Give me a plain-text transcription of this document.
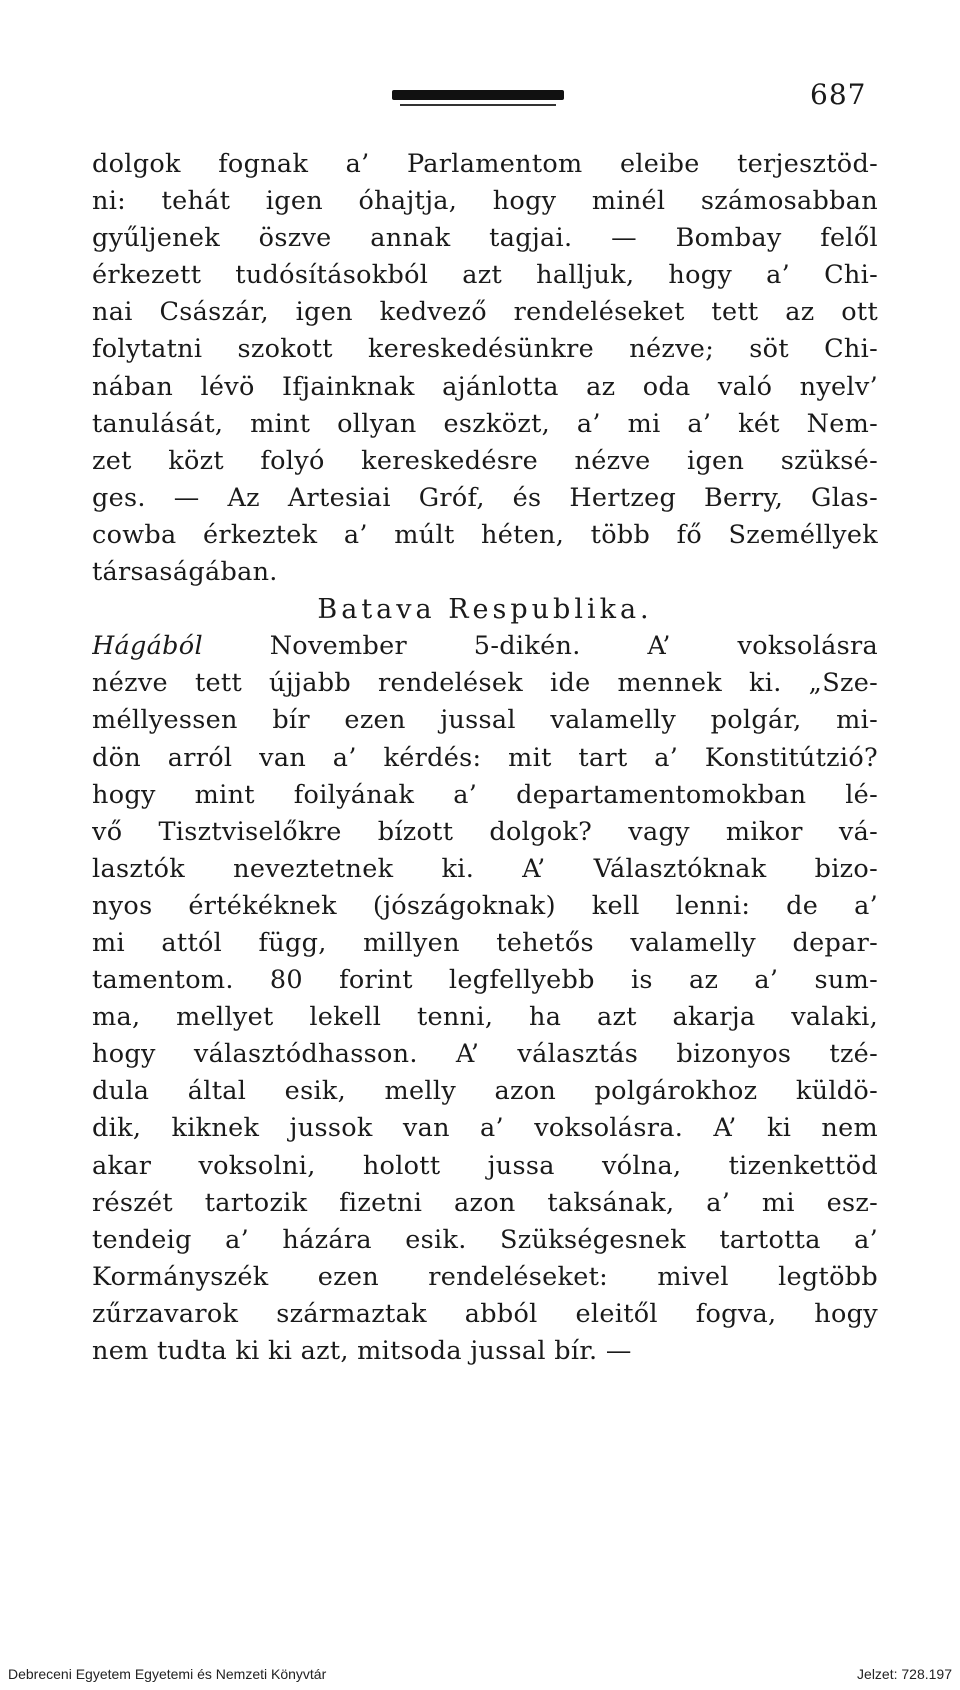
687
dolgok fognak a’ Parlamentom eleibe terjesztöd-
ni: tehát igen óhajtja, hogy minél számosabban
gyűljenek öszve annak tagjai. — Bombay felől
érkezett tudósításokból azt halljuk, hogy a’ Chi-
nai Császár, igen kedvező rendeléseket tett az ott
folytatni szokott kereskedésünkre nézve; söt Chi-
nában lévö Ifjainknak ajánlotta az oda való nyelv’
tanulását, mint ollyan eszközt, a’ mi a’ két Nem-
zet közt folyó kereskedésre nézve igen szüksé-
ges. — Az Artesiai Gróf, és Hertzeg Berry, Glas-
cowba érkeztek a’ múlt héten, több fő Személlyek
társaságában.
Batava Respublika.
Hágából	November 5-dikén. A’ voksolásra
nézve tett újjabb rendelések ide mennek ki. „Sze-
méllyessen bír ezen jussal valamelly polgár, mi-
dön arról van a’ kérdés: mit tart a’ Konstitútzió?
hogy mint foilyának a’ departamentomokban lé-
vő Tisztviselőkre bízott dolgok? vagy mikor vá-
lasztók neveztetnek ki. A’ Választóknak bizo-
nyos értékéknek (jószágoknak) kell lenni: de a’
mi attól függ, millyen tehetős valamelly depar-
tamentom. 80 forint legfellyebb is az a’ sum-
ma, mellyet lekell tenni, ha azt akarja valaki,
hogy választódhasson. A’ választás bizonyos tzé-
dula által esik, melly azon polgárokhoz küldö-
dik, kiknek jussok van a’ voksolásra. A’ ki nem
akar voksolni, holott jussa vólna, tizenkettöd
részét tartozik fizetni azon taksának, a’ mi esz-
tendeig a’ házára esik. Szükségesnek tartotta a’
Kormányszék ezen rendeléseket: mivel legtöbb
zűrzavarok származtak abból eleitől fogva, hogy
nem tudta ki ki azt, mitsoda jussal bír. —
Debreceni Egyetem Egyetemi és Nemzeti Könyvtár	Jelzet: 728.197
